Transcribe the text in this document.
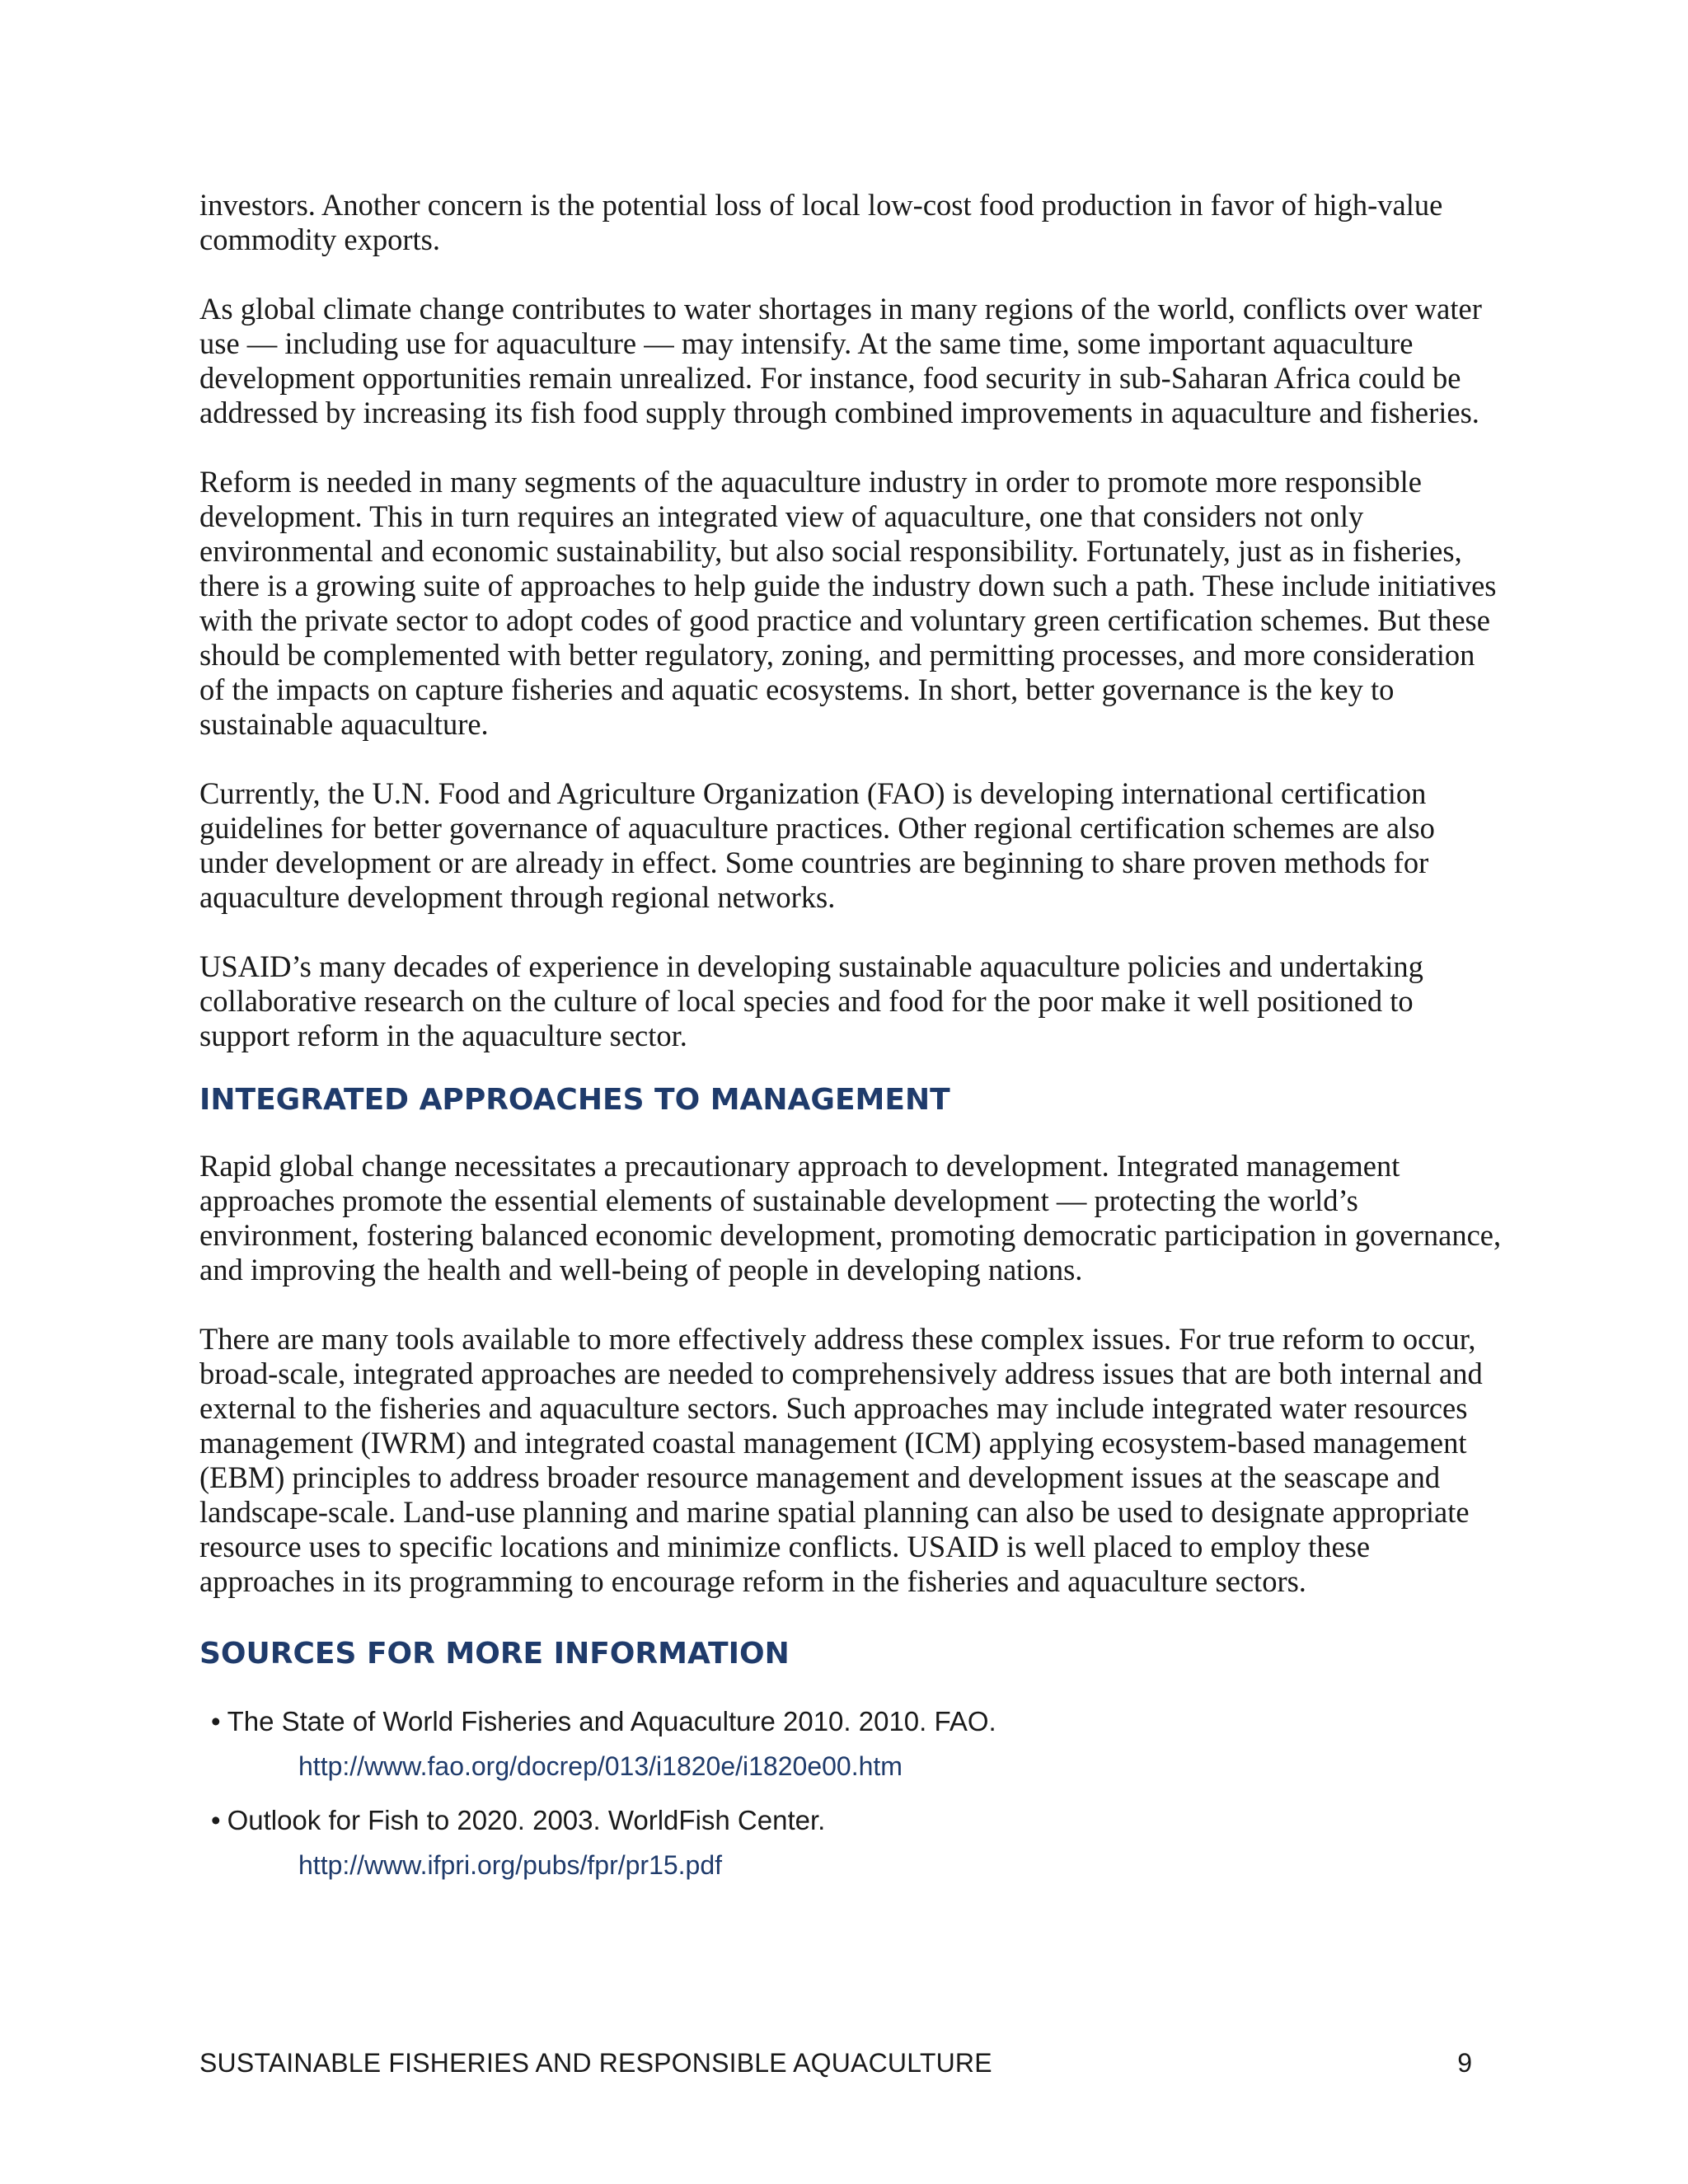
investors. Another concern is the potential loss of local low-cost food production in favor of high-value commodity exports.

As global climate change contributes to water shortages in many regions of the world, conflicts over water use — including use for aquaculture — may intensify. At the same time, some important aquaculture development opportunities remain unrealized. For instance, food security in sub-Saharan Africa could be addressed by increasing its fish food supply through combined improvements in aquaculture and fisheries.

Reform is needed in many segments of the aquaculture industry in order to promote more responsible development. This in turn requires an integrated view of aquaculture, one that considers not only environmental and economic sustainability, but also social responsibility. Fortunately, just as in fisheries, there is a growing suite of approaches to help guide the industry down such a path. These include initiatives with the private sector to adopt codes of good practice and voluntary green certification schemes. But these should be complemented with better regulatory, zoning, and permitting processes, and more consideration of the impacts on capture fisheries and aquatic ecosystems. In short, better governance is the key to sustainable aquaculture.

Currently, the U.N. Food and Agriculture Organization (FAO) is developing international certification guidelines for better governance of aquaculture practices. Other regional certification schemes are also under development or are already in effect. Some countries are beginning to share proven methods for aquaculture development through regional networks.

USAID’s many decades of experience in developing sustainable aquaculture policies and undertaking collaborative research on the culture of local species and food for the poor make it well positioned to support reform in the aquaculture sector.

INTEGRATED APPROACHES TO MANAGEMENT

Rapid global change necessitates a precautionary approach to development. Integrated management approaches promote the essential elements of sustainable development — protecting the world’s environment, fostering balanced economic development, promoting democratic participation in governance, and improving the health and well-being of people in developing nations.

There are many tools available to more effectively address these complex issues. For true reform to occur, broad-scale, integrated approaches are needed to comprehensively address issues that are both internal and external to the fisheries and aquaculture sectors. Such approaches may include integrated water resources management (IWRM) and integrated coastal management (ICM) applying ecosystem-based management (EBM) principles to address broader resource management and development issues at the seascape and landscape-scale. Land-use planning and marine spatial planning can also be used to designate appropriate resource uses to specific locations and minimize conflicts. USAID is well placed to employ these approaches in its programming to encourage reform in the fisheries and aquaculture sectors.

SOURCES FOR MORE INFORMATION
• The State of World Fisheries and Aquaculture 2010. 2010. FAO.
http://www.fao.org/docrep/013/i1820e/i1820e00.htm
• Outlook for Fish to 2020. 2003. WorldFish Center.
http://www.ifpri.org/pubs/fpr/pr15.pdf
SUSTAINABLE FISHERIES AND RESPONSIBLE AQUACULTURE	9
